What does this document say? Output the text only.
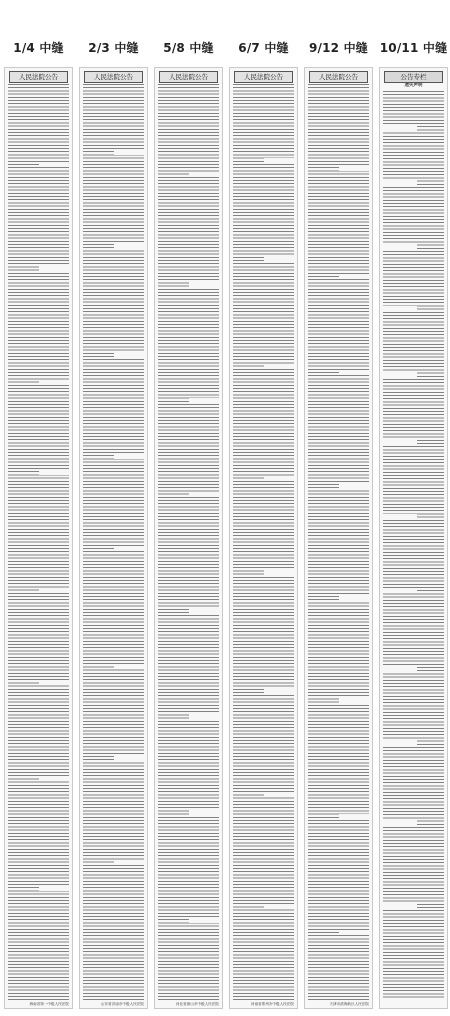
1/4 中缝
人民法院公告
海南省第一中级人民法院
2/3 中缝
人民法院公告
山东省济南市中级人民法院
5/8 中缝
人民法院公告
河北省唐山市中级人民法院
6/7 中缝
人民法院公告
河南省郑州市中级人民法院
9/12 中缝
人民法院公告
天津市滨海新区人民法院
10/11 中缝
公告专栏
遗失声明
